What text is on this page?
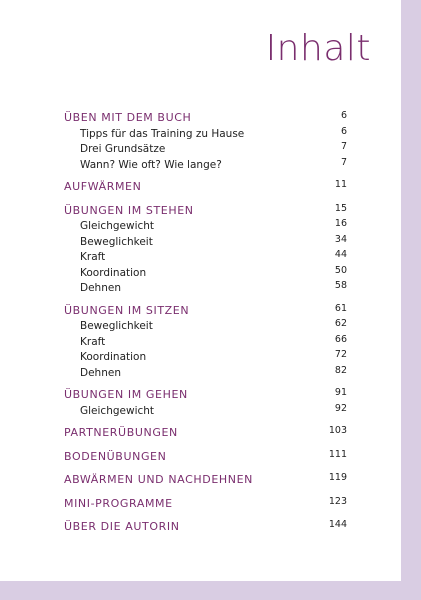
Inhalt
ÜBEN MIT DEM BUCH	6
Tipps für das Training zu Hause	6
Drei Grundsätze	7
Wann? Wie oft? Wie lange?	7
AUFWÄRMEN	11
ÜBUNGEN IM STEHEN	15
Gleichgewicht	16
Beweglichkeit	34
Kraft	44
Koordination	50
Dehnen	58
ÜBUNGEN IM SITZEN	61
Beweglichkeit	62
Kraft	66
Koordination	72
Dehnen	82
ÜBUNGEN IM GEHEN	91
Gleichgewicht	92
PARTNERÜBUNGEN	103
BODENÜBUNGEN	111
ABWÄRMEN UND NACHDEHNEN	119
MINI-PROGRAMME	123
ÜBER DIE AUTORIN	144
